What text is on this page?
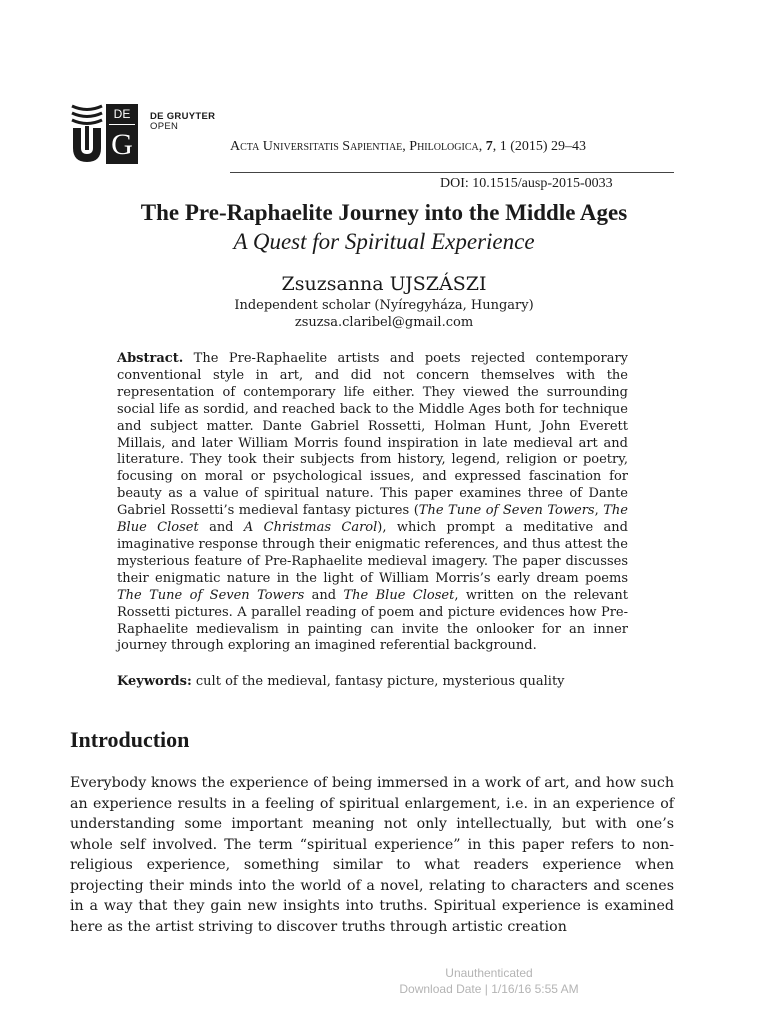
DE
G
DE GRUYTER
OPEN
Acta Universitatis Sapientiae, Philologica, 7, 1 (2015) 29–43
DOI: 10.1515/ausp-2015-0033
The Pre-Raphaelite Journey into the Middle Ages
A Quest for Spiritual Experience
Zsuzsanna UJSZÁSZI
Independent scholar (Nyíregyháza, Hungary)
zsuzsa.claribel@gmail.com

Abstract. The Pre-Raphaelite artists and poets rejected contemporary conventional style in art, and did not concern themselves with the representation of contemporary life either. They viewed the surrounding social life as sordid, and reached back to the Middle Ages both for technique and subject matter. Dante Gabriel Rossetti, Holman Hunt, John Everett Millais, and later William Morris found inspiration in late medieval art and literature. They took their subjects from history, legend, religion or poetry, focusing on moral or psychological issues, and expressed fascination for beauty as a value of spiritual nature. This paper examines three of Dante Gabriel Rossetti’s medieval fantasy pictures (The Tune of Seven Towers, The Blue Closet and A Christmas Carol), which prompt a meditative and imaginative response through their enigmatic references, and thus attest the mysterious feature of Pre-Raphaelite medieval imagery. The paper discusses their enigmatic nature in the light of William Morris’s early dream poems The Tune of Seven Towers and The Blue Closet, written on the relevant Rossetti pictures. A parallel reading of poem and picture evidences how Pre-Raphaelite medievalism in painting can invite the onlooker for an inner journey through exploring an imagined referential background.

Keywords: cult of the medieval, fantasy picture, mysterious quality

Introduction

Everybody knows the experience of being immersed in a work of art, and how such an experience results in a feeling of spiritual enlargement, i.e. in an experience of understanding some important meaning not only intellectually, but with one’s whole self involved. The term “spiritual experience” in this paper refers to non-religious experience, something similar to what readers experience when projecting their minds into the world of a novel, relating to characters and scenes in a way that they gain new insights into truths. Spiritual experience is examined here as the artist striving to discover truths through artistic creation

Unauthenticated
Download Date | 1/16/16 5:55 AM
